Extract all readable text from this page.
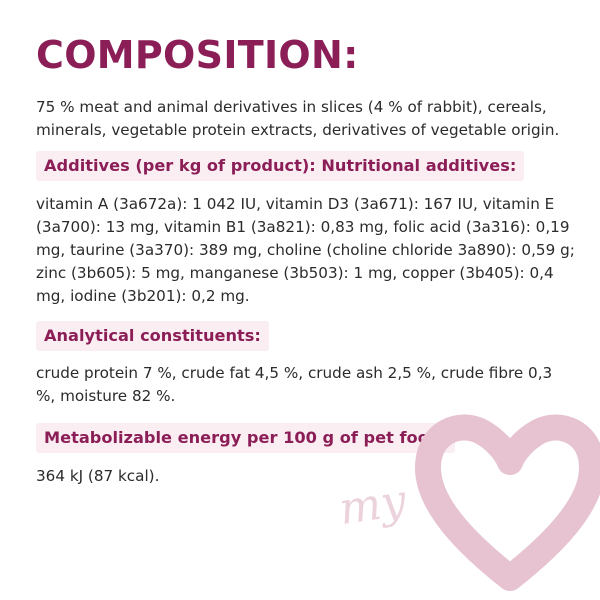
COMPOSITION:

75 % meat and animal derivatives in slices (4 % of rabbit), cereals, minerals, vegetable protein extracts, derivatives of vegetable origin.

Additives (per kg of product): Nutritional additives:

vitamin A (3a672a): 1 042 IU, vitamin D3 (3a671): 167 IU, vitamin E (3a700): 13 mg, vitamin B1 (3a821): 0,83 mg, folic acid (3a316): 0,19 mg, taurine (3a370): 389 mg, choline (choline chloride 3a890): 0,59 g; zinc (3b605): 5 mg, manganese (3b503): 1 mg, copper (3b405): 0,4 mg, iodine (3b201): 0,2 mg.

Analytical constituents:

crude protein 7 %, crude fat 4,5 %, crude ash 2,5 %, crude fibre 0,3 %, moisture 82 %.

Metabolizable energy per 100 g of pet food:

364 kJ (87 kcal).	my
